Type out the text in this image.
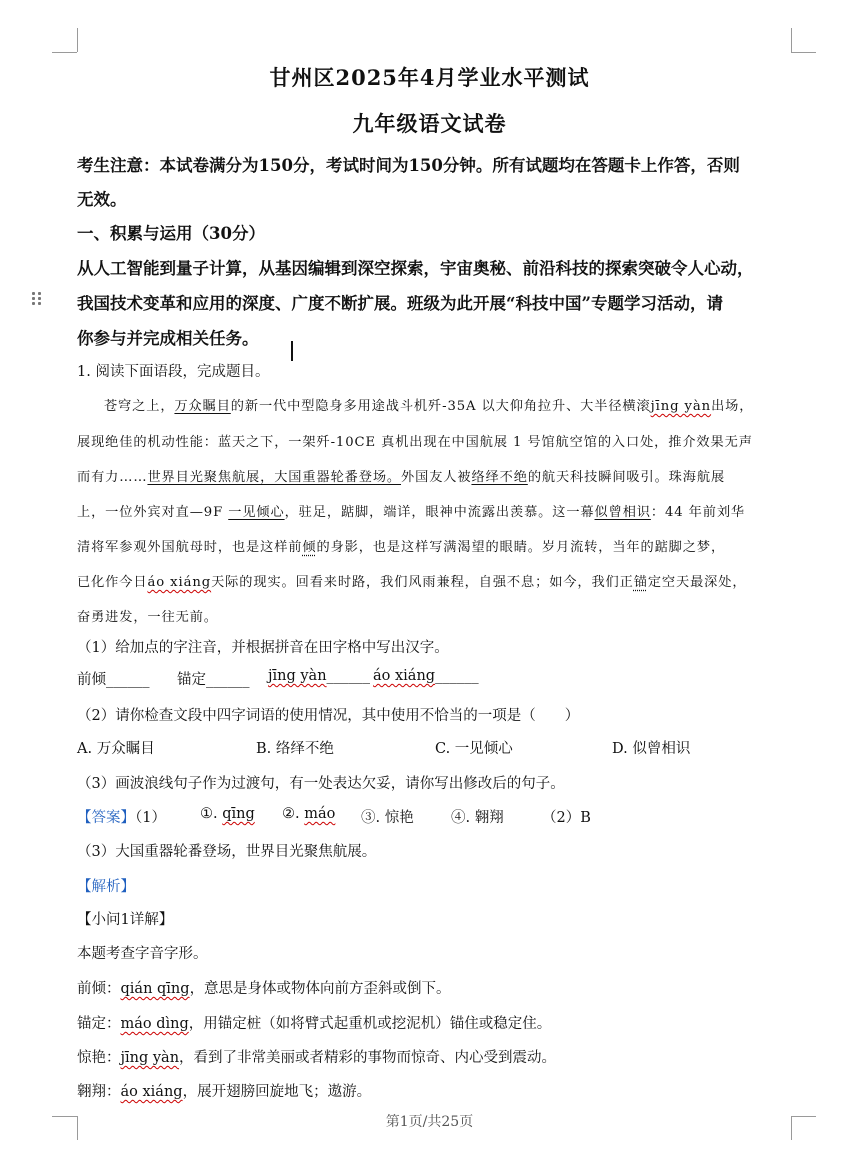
甘州区2025年4月学业水平测试
九年级语文试卷
考生注意：本试卷满分为150分，考试时间为150分钟。所有试题均在答题卡上作答，否则
无效。
一、积累与运用（30分）
从人工智能到量子计算，从基因编辑到深空探索，宇宙奥秘、前沿科技的探索突破令人心动，
我国技术变革和应用的深度、广度不断扩展。班级为此开展“科技中国”专题学习活动，请
你参与并完成相关任务。
1. 阅读下面语段，完成题目。
苍穹之上，万众瞩目的新一代中型隐身多用途战斗机歼-35A 以大仰角拉升、大半径横滚jīng yàn出场，
展现绝佳的机动性能：蓝天之下，一架歼-10CE 真机出现在中国航展 1 号馆航空馆的入口处，推介效果无声
而有力……世界目光聚焦航展，大国重器轮番登场。外国友人被络绎不绝的航天科技瞬间吸引。珠海航展
上，一位外宾对直—9F 一见倾心，驻足，踮脚，端详，眼神中流露出羡慕。这一幕似曾相识：44 年前刘华
清将军参观外国航母时，也是这样前倾的身影，也是这样写满渴望的眼睛。岁月流转，当年的踮脚之梦，
已化作今日áo xiáng天际的现实。回看来时路，我们风雨兼程，自强不息；如今，我们正锚定空天最深处，
奋勇进发，一往无前。
（1）给加点的字注音，并根据拼音在田字格中写出汉字。
前倾______ 锚定______ jīng yàn______ áo xiáng______
（2）请你检查文段中四字词语的使用情况，其中使用不恰当的一项是（　　）
A. 万众瞩目	B. 络绎不绝	C. 一见倾心	D. 似曾相识
（3）画波浪线句子作为过渡句，有一处表达欠妥，请你写出修改后的句子。
【答案】（1） ①. qīng ②. máo ③. 惊艳	④. 翱翔	（2）B
（3）大国重器轮番登场，世界目光聚焦航展。
【解析】
【小问1详解】
本题考查字音字形。
前倾：qián qīng，意思是身体或物体向前方歪斜或倒下。
锚定：máo dìng，用锚定桩（如将臂式起重机或挖泥机）锚住或稳定住。
惊艳：jīng yàn，看到了非常美丽或者精彩的事物而惊奇、内心受到震动。
翱翔：áo xiáng，展开翅膀回旋地飞；遨游。
第1页/共25页
